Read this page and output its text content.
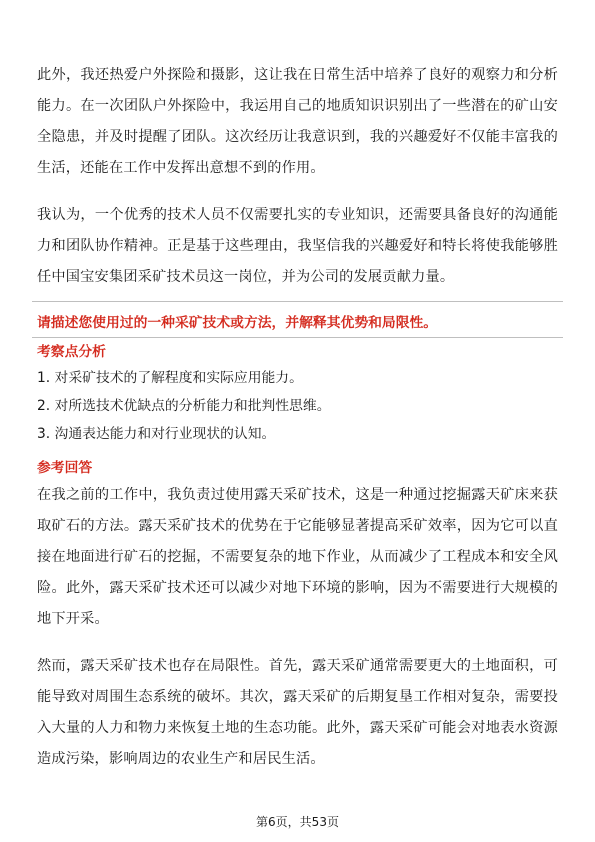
此外，我还热爱户外探险和摄影，这让我在日常生活中培养了良好的观察力和分析能力。在一次团队户外探险中，我运用自己的地质知识识别出了一些潜在的矿山安全隐患，并及时提醒了团队。这次经历让我意识到，我的兴趣爱好不仅能丰富我的生活，还能在工作中发挥出意想不到的作用。

我认为，一个优秀的技术人员不仅需要扎实的专业知识，还需要具备良好的沟通能力和团队协作精神。正是基于这些理由，我坚信我的兴趣爱好和特长将使我能够胜任中国宝安集团采矿技术员这一岗位，并为公司的发展贡献力量。

请描述您使用过的一种采矿技术或方法，并解释其优势和局限性。

考察点分析

1. 对采矿技术的了解程度和实际应用能力。

2. 对所选技术优缺点的分析能力和批判性思维。

3. 沟通表达能力和对行业现状的认知。

参考回答

在我之前的工作中，我负责过使用露天采矿技术，这是一种通过挖掘露天矿床来获取矿石的方法。露天采矿技术的优势在于它能够显著提高采矿效率，因为它可以直接在地面进行矿石的挖掘，不需要复杂的地下作业，从而减少了工程成本和安全风险。此外，露天采矿技术还可以减少对地下环境的影响，因为不需要进行大规模的地下开采。

然而，露天采矿技术也存在局限性。首先，露天采矿通常需要更大的土地面积，可能导致对周围生态系统的破坏。其次，露天采矿的后期复垦工作相对复杂，需要投入大量的人力和物力来恢复土地的生态功能。此外，露天采矿可能会对地表水资源造成污染，影响周边的农业生产和居民生活。

第6页，共53页
